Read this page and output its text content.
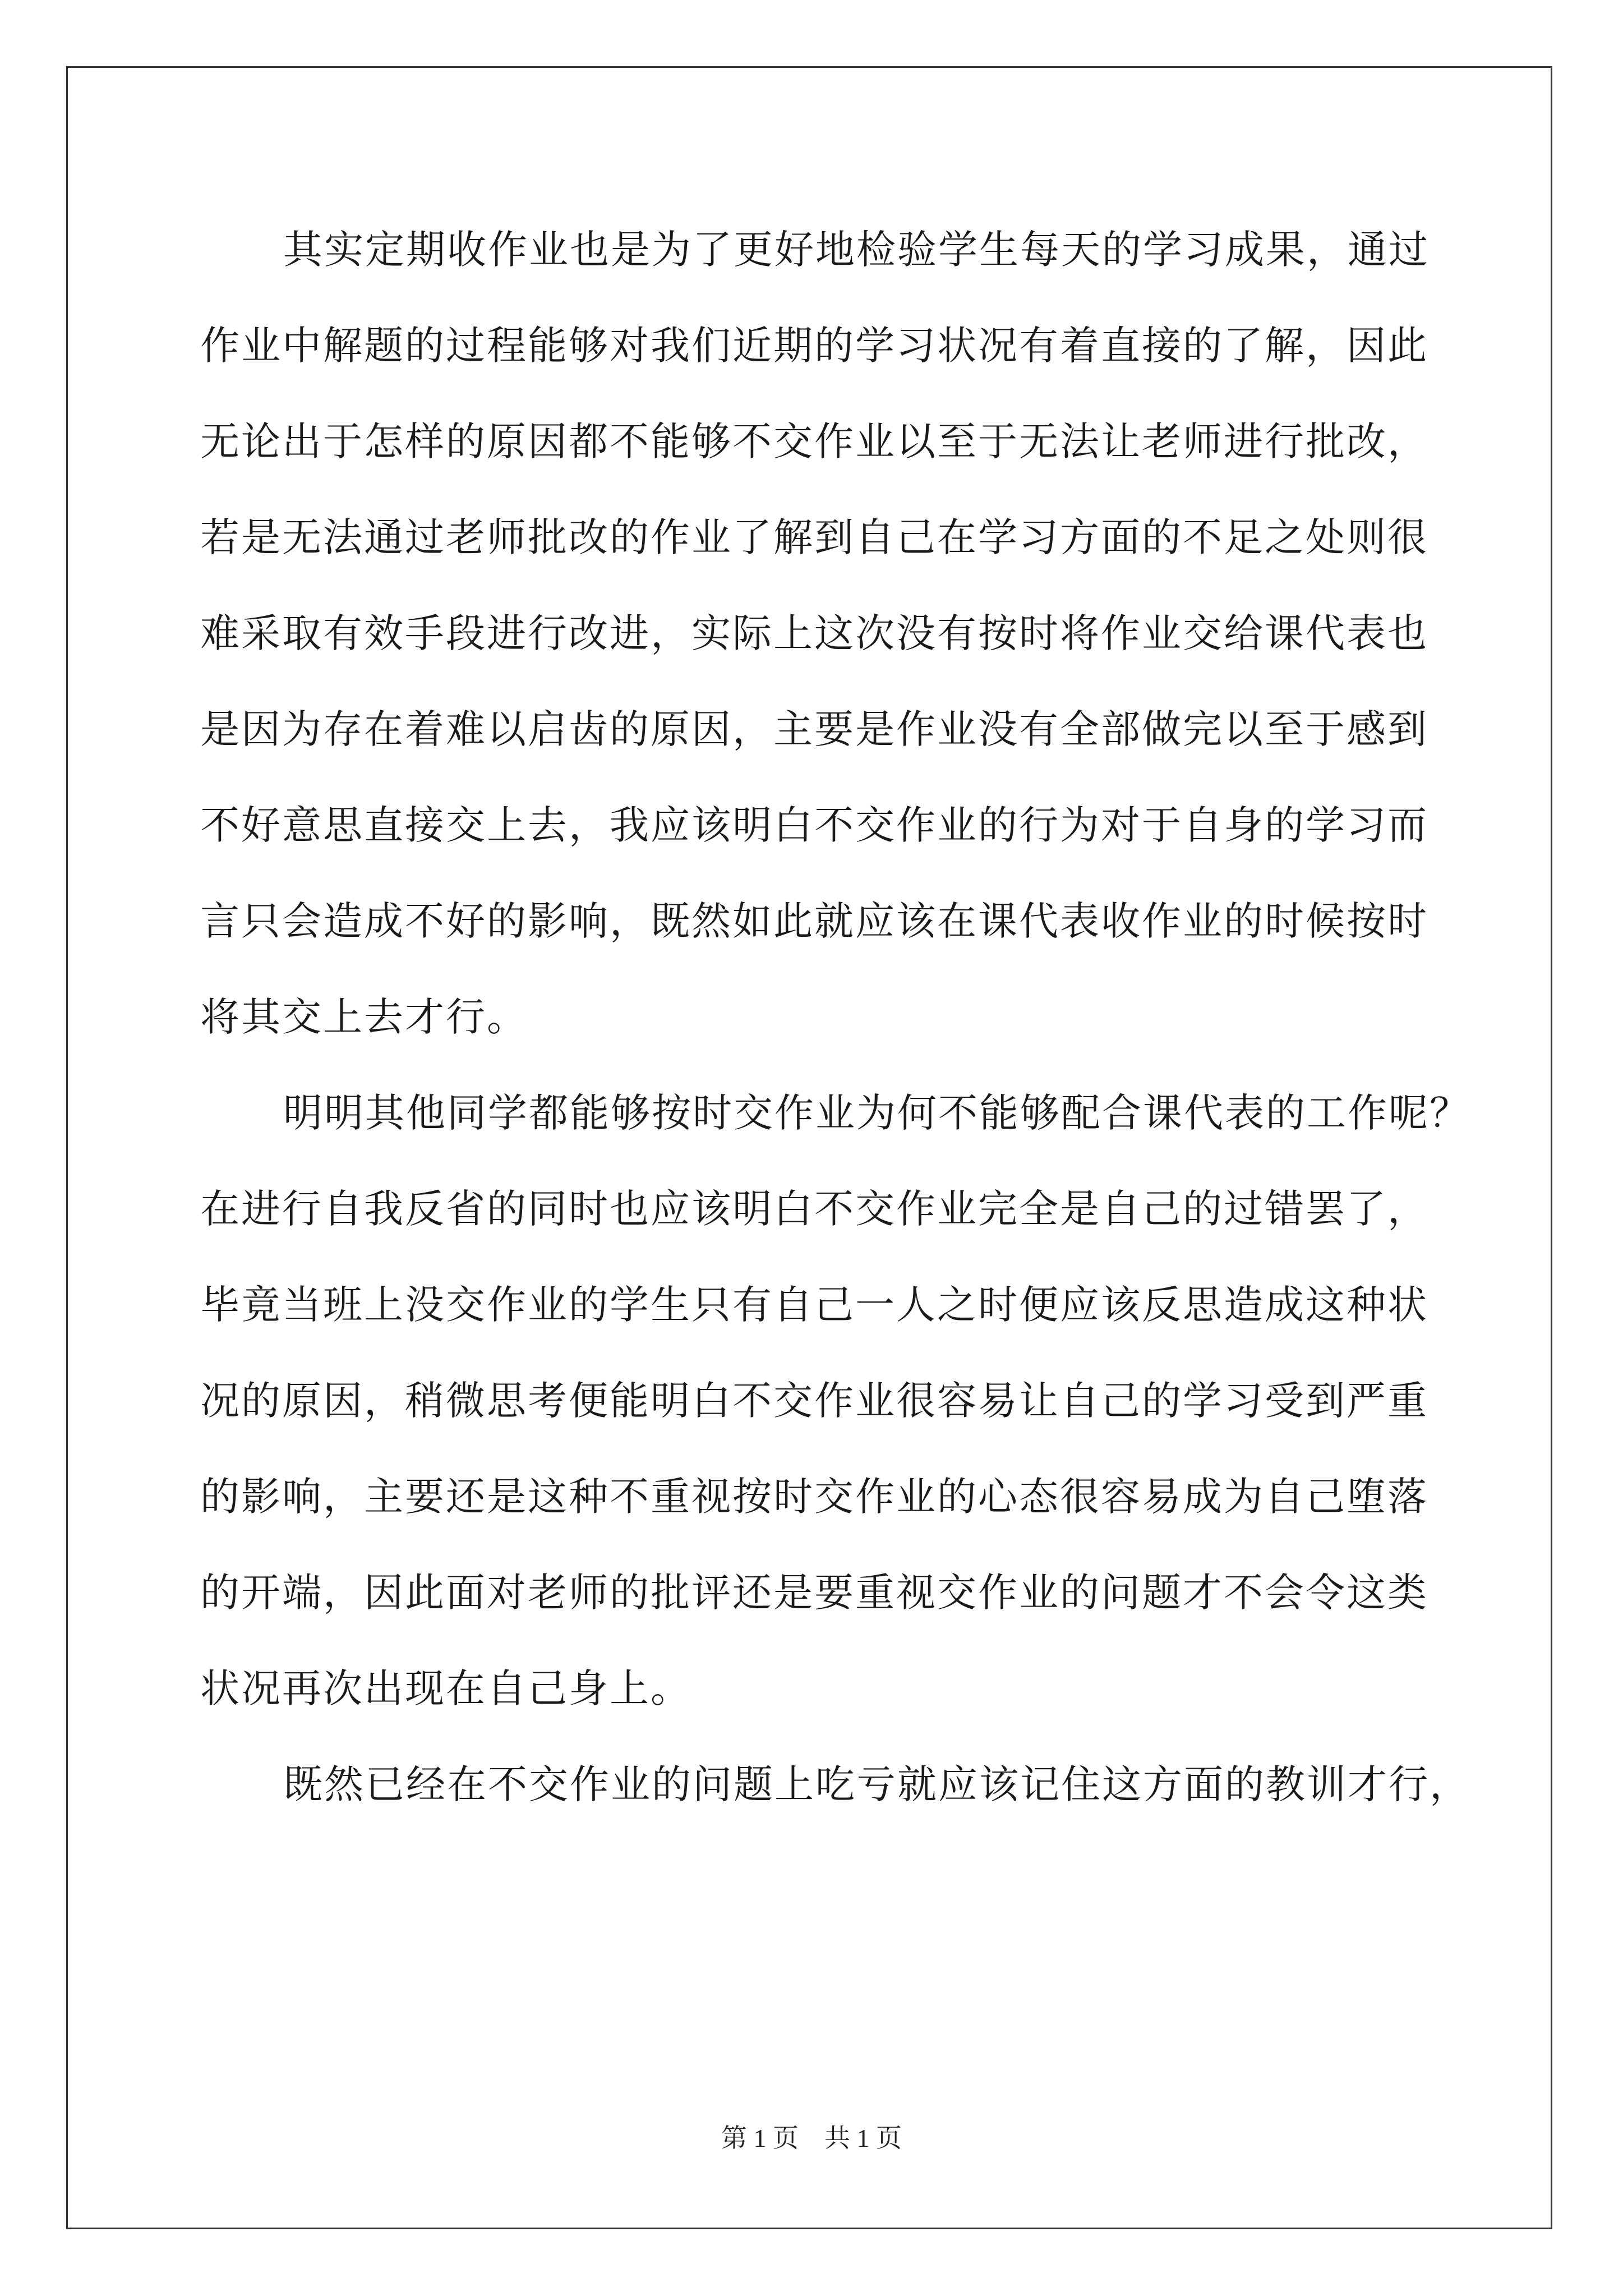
其实定期收作业也是为了更好地检验学生每天的学习成果，通过
作业中解题的过程能够对我们近期的学习状况有着直接的了解，因此
无论出于怎样的原因都不能够不交作业以至于无法让老师进行批改，
若是无法通过老师批改的作业了解到自己在学习方面的不足之处则很
难采取有效手段进行改进，实际上这次没有按时将作业交给课代表也
是因为存在着难以启齿的原因，主要是作业没有全部做完以至于感到
不好意思直接交上去，我应该明白不交作业的行为对于自身的学习而
言只会造成不好的影响，既然如此就应该在课代表收作业的时候按时
将其交上去才行。
明明其他同学都能够按时交作业为何不能够配合课代表的工作呢？
在进行自我反省的同时也应该明白不交作业完全是自己的过错罢了，
毕竟当班上没交作业的学生只有自己一人之时便应该反思造成这种状
况的原因，稍微思考便能明白不交作业很容易让自己的学习受到严重
的影响，主要还是这种不重视按时交作业的心态很容易成为自己堕落
的开端，因此面对老师的批评还是要重视交作业的问题才不会令这类
状况再次出现在自己身上。
既然已经在不交作业的问题上吃亏就应该记住这方面的教训才行，
第 1 页    共 1 页
